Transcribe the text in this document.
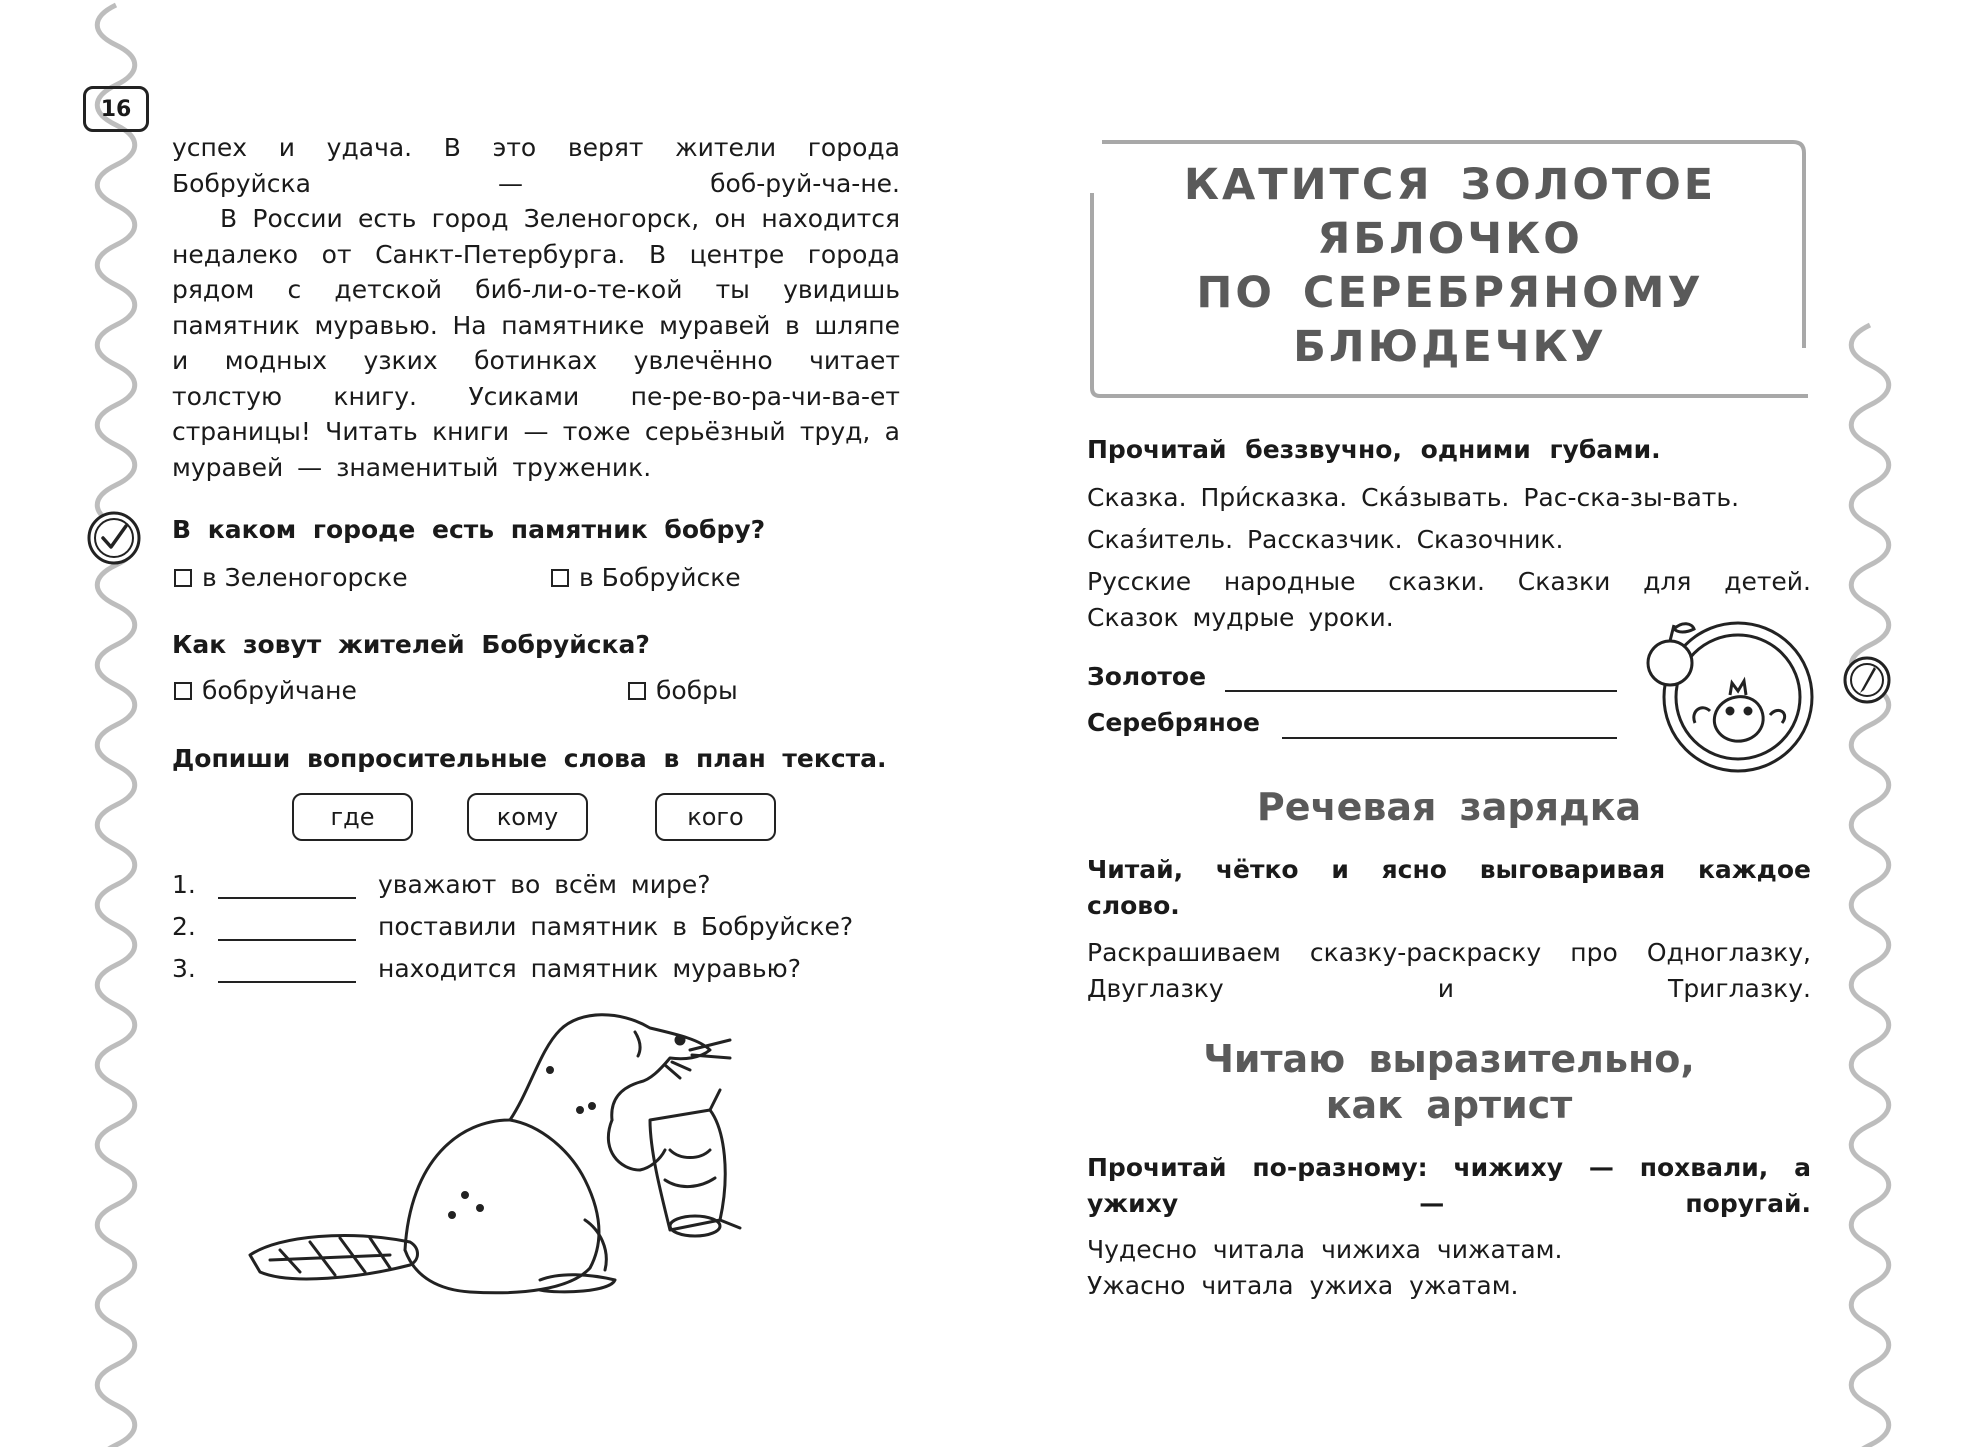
16

успех и удача. В это верят жители города Бобруйска — боб-руй-ча-не.

В России есть город Зеленогорск, он находится недалеко от Санкт-Петербурга. В центре города рядом с детской биб-ли-о-те-кой ты увидишь памятник муравью. На памятнике муравей в шляпе и модных узких ботинках увлечённо читает толстую книгу. Усиками пе-ре-во-ра-чи-ва-ет страницы! Читать книги — тоже серьёзный труд, а муравей — знаменитый труженик.

В каком городе есть памятник бобру?

в Зеленогорске	в Бобруйске

Как зовут жителей Бобруйска?

бобруйчане	бобры

Допиши вопросительные слова в план текста.

где	кому	кого
1.	уважают во всём мире?
2.	поставили памятник в Бобруйске?
3.	находится памятник муравью?
КАТИТСЯ ЗОЛОТОЕ
ЯБЛОЧКО
ПО СЕРЕБРЯНОМУ
БЛЮДЕЧКУ

Прочитай беззвучно, одними губами.

Сказка. При́сказка. Ска́зывать. Рас-ска-зы-вать.

Сказ́итель. Рассказчик. Сказочник.

Русские народные сказки. Сказки для детей. Сказок мудрые уроки.

Золотое
Серебряное
Речевая зарядка

Читай, чётко и ясно выговаривая каждое слово.

Раскрашиваем сказку-раскраску про Одноглазку, Двуглазку и Триглазку.

Читаю выразительно,
как артист

Прочитай по-разному: чижиху — похвали, а ужиху — поругай.

Чудесно читала чижиха чижатам.

Ужасно читала ужиха ужатам.
